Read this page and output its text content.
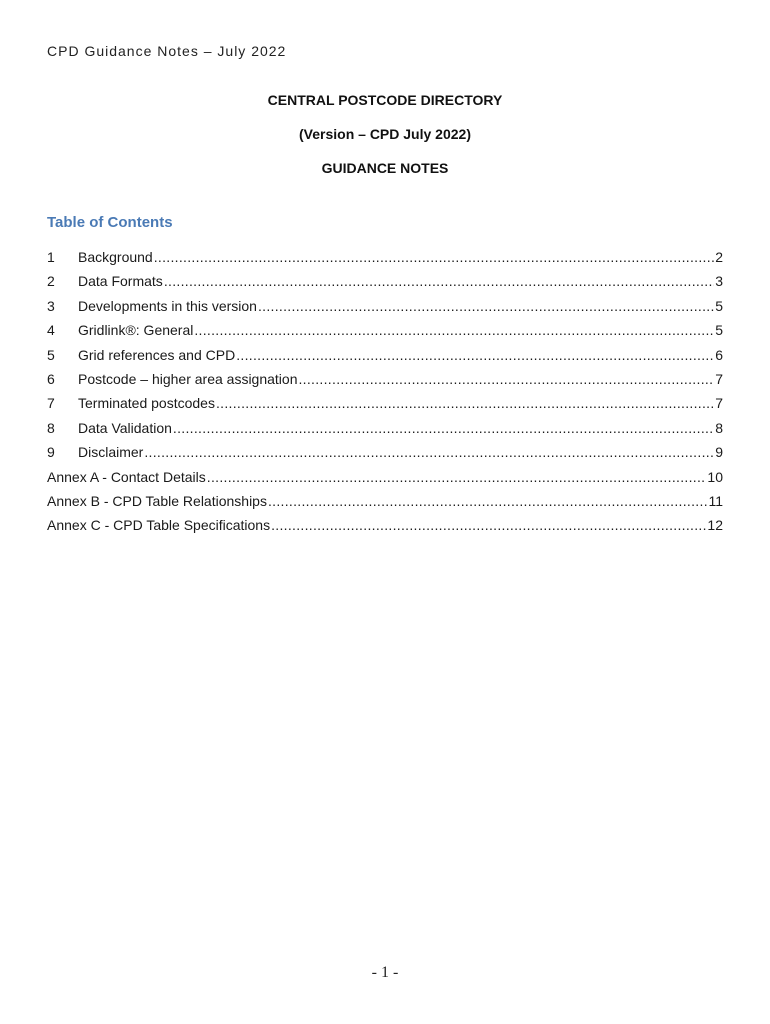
CPD Guidance Notes – July 2022
CENTRAL POSTCODE DIRECTORY
(Version – CPD July 2022)
GUIDANCE NOTES
Table of Contents
1	Background .....	2
2	Data Formats .....	3
3	Developments in this version .....	5
4	Gridlink®: General .....	5
5	Grid references and CPD .....	6
6	Postcode – higher area assignation .....	7
7	Terminated postcodes .....	7
8	Data Validation .....	8
9	Disclaimer .....	9
Annex A - Contact Details .....	10
Annex B - CPD Table Relationships .....	11
Annex C - CPD Table Specifications .....	12
- 1 -
